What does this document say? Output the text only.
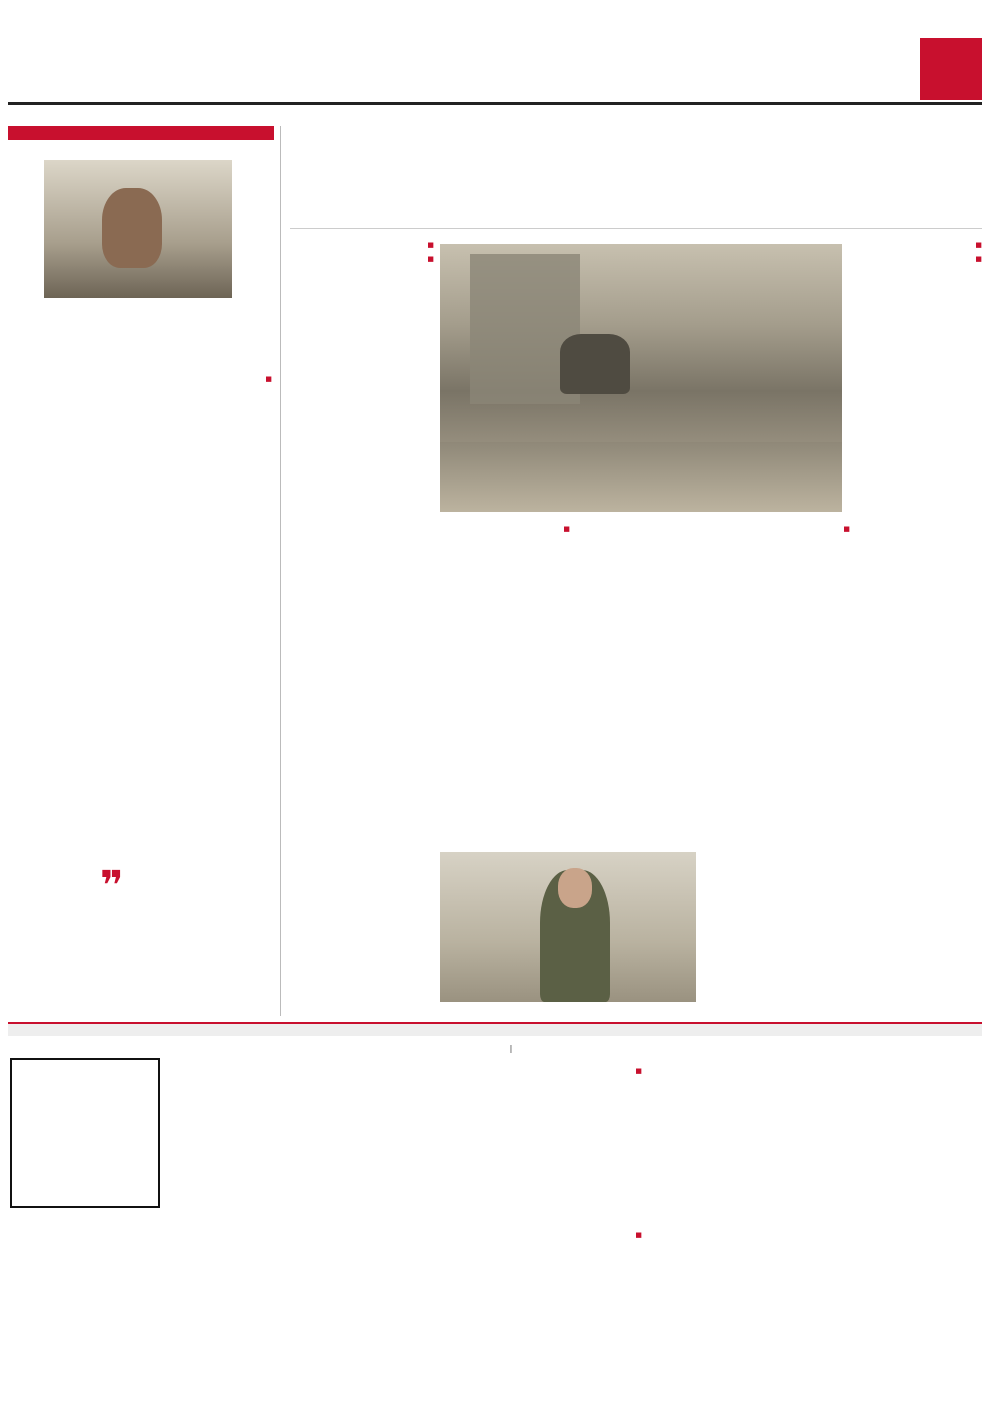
■
❞
■
■
■
■
■
■
|
■
■
